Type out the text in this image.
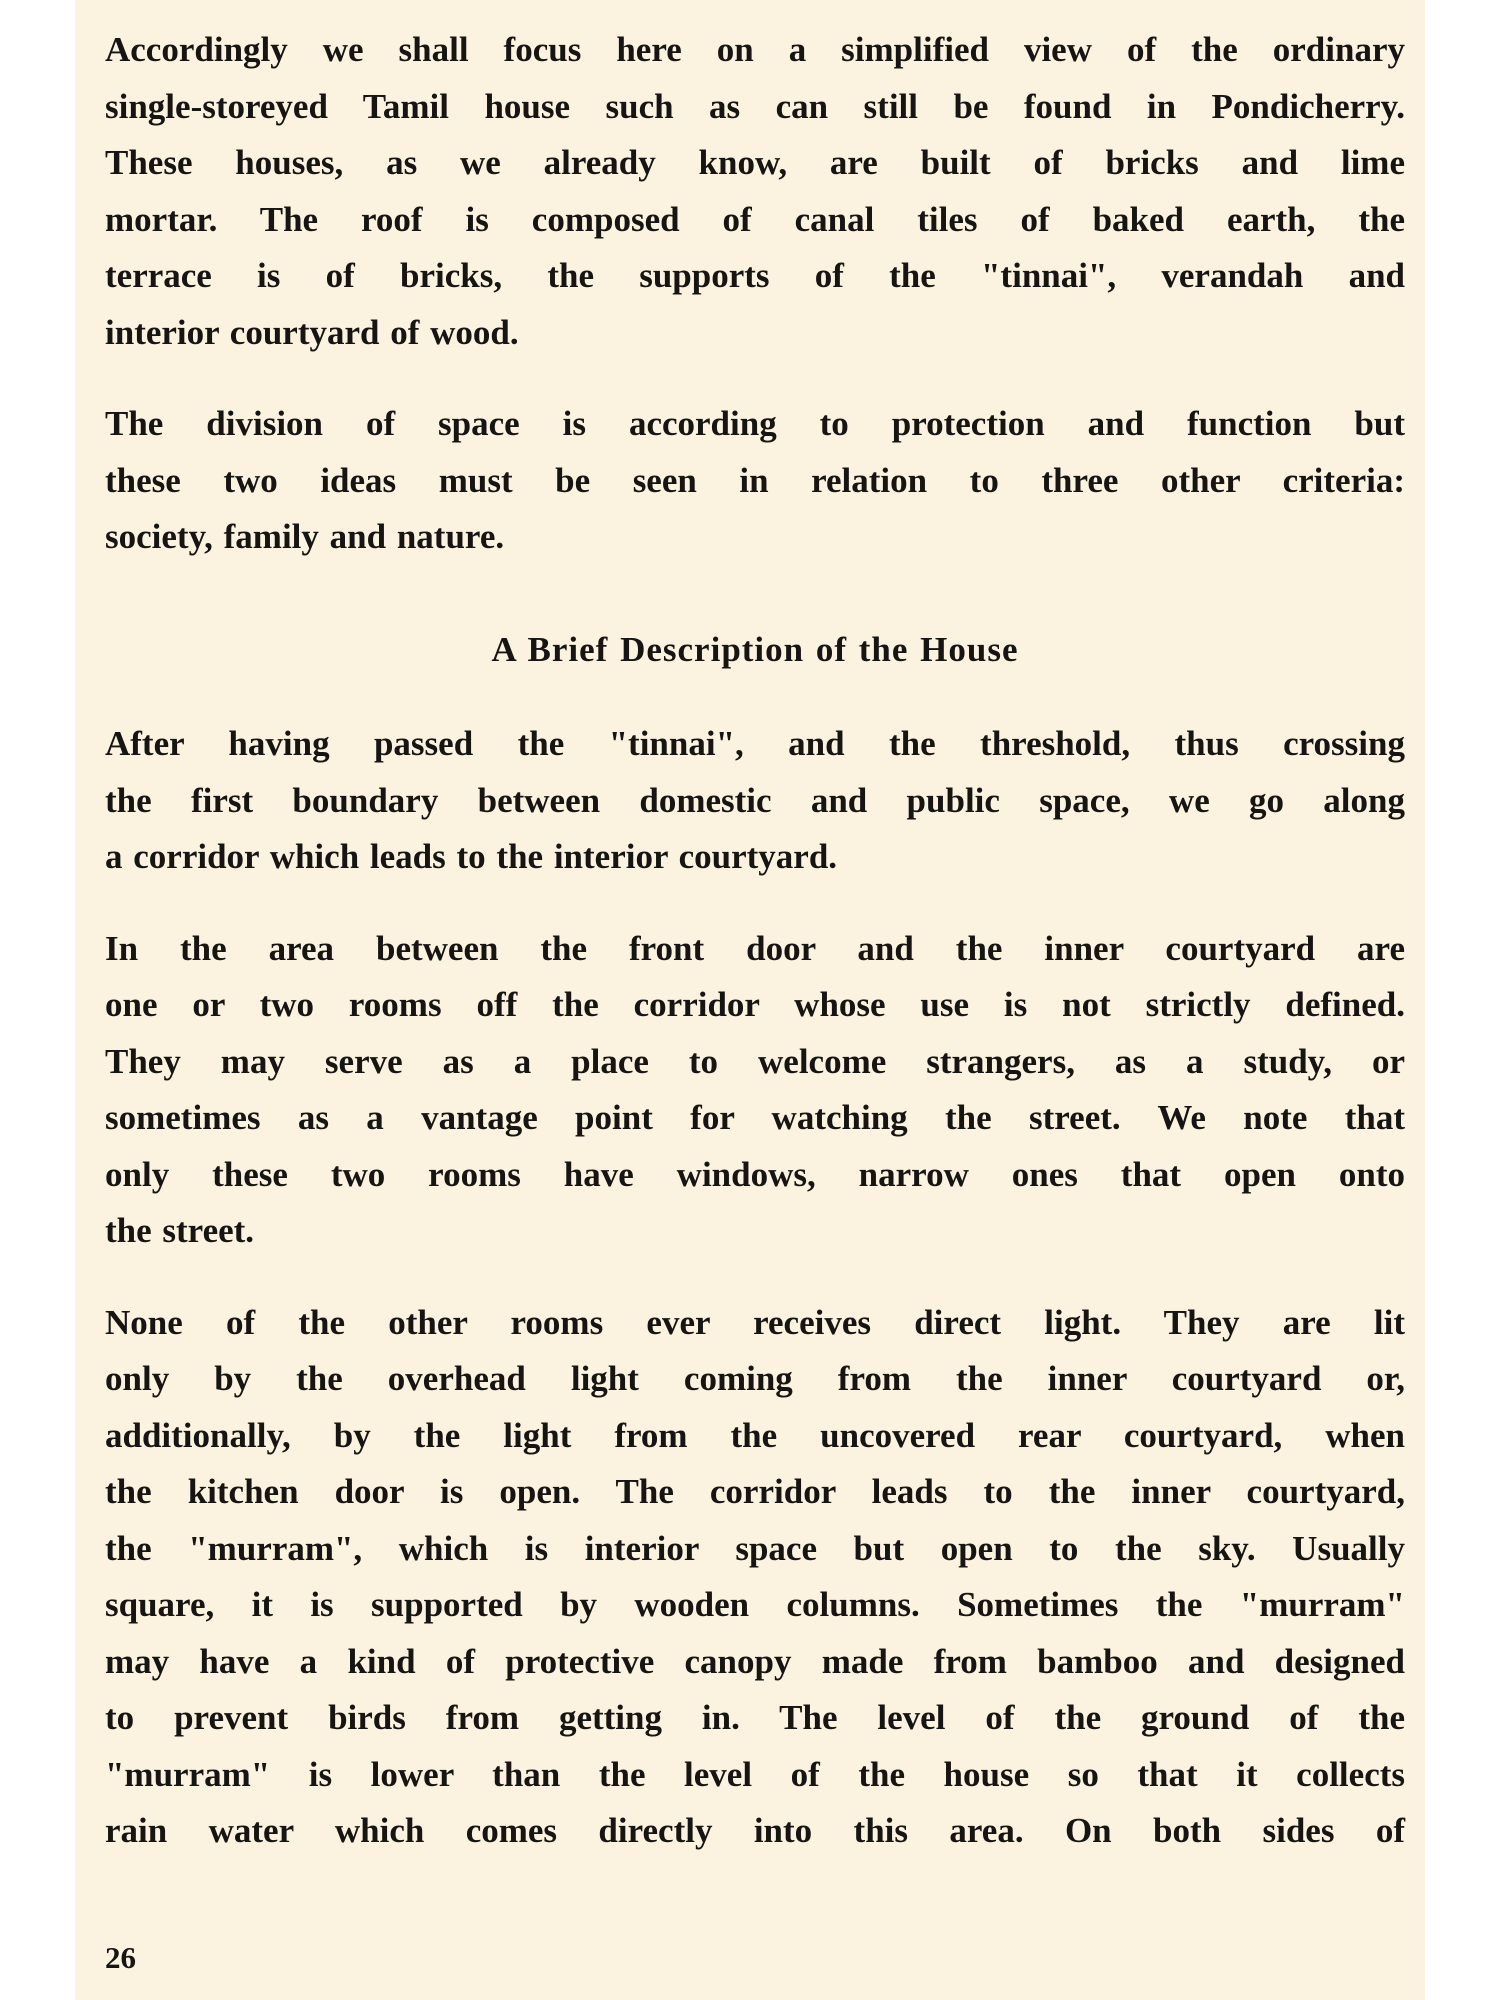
Accordingly we shall focus here on a simplified view of the ordinary
single-storeyed Tamil house such as can still be found in Pondicherry.
These houses, as we already know, are built of bricks and lime
mortar. The roof is composed of canal tiles of baked earth, the
terrace is of bricks, the supports of the "tinnai", verandah and
interior courtyard of wood.
The division of space is according to protection and function but
these two ideas must be seen in relation to three other criteria:
society, family and nature.
A Brief Description of the House
After having passed the "tinnai", and the threshold, thus crossing
the first boundary between domestic and public space, we go along
a corridor which leads to the interior courtyard.
In the area between the front door and the inner courtyard are
one or two rooms off the corridor whose use is not strictly defined.
They may serve as a place to welcome strangers, as a study, or
sometimes as a vantage point for watching the street. We note that
only these two rooms have windows, narrow ones that open onto
the street.
None of the other rooms ever receives direct light. They are lit
only by the overhead light coming from the inner courtyard or,
additionally, by the light from the uncovered rear courtyard, when
the kitchen door is open. The corridor leads to the inner courtyard,
the "murram", which is interior space but open to the sky. Usually
square, it is supported by wooden columns. Sometimes the "murram"
may have a kind of protective canopy made from bamboo and designed
to prevent birds from getting in. The level of the ground of the
"murram" is lower than the level of the house so that it collects
rain water which comes directly into this area. On both sides of
26
